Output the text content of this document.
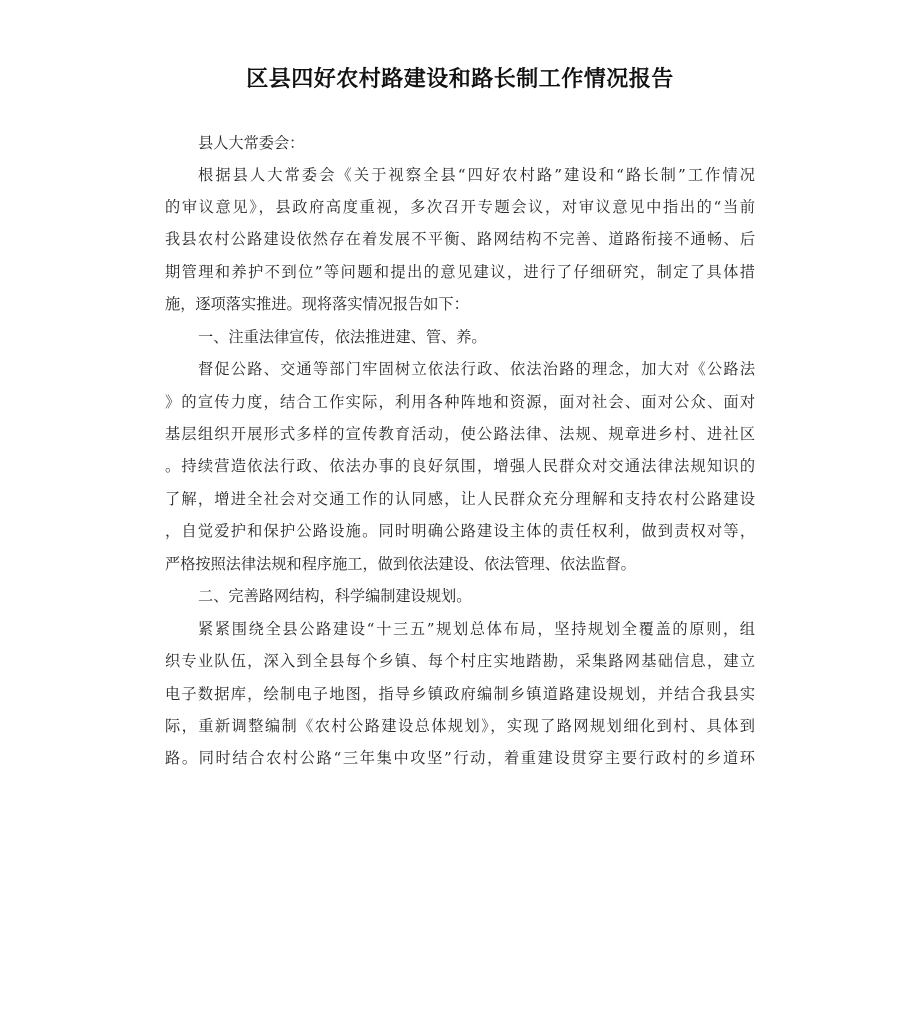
区县四好农村路建设和路长制工作情况报告
县人大常委会：
根据县人大常委会《关于视察全县“四好农村路”建设和“路长制”工作情况
的审议意见》，县政府高度重视，多次召开专题会议，对审议意见中指出的“当前
我县农村公路建设依然存在着发展不平衡、路网结构不完善、道路衔接不通畅、后
期管理和养护不到位”等问题和提出的意见建议，进行了仔细研究，制定了具体措
施，逐项落实推进。现将落实情况报告如下：
一、注重法律宣传，依法推进建、管、养。
督促公路、交通等部门牢固树立依法行政、依法治路的理念，加大对《公路法
》的宣传力度，结合工作实际，利用各种阵地和资源，面对社会、面对公众、面对
基层组织开展形式多样的宣传教育活动，使公路法律、法规、规章进乡村、进社区
。持续营造依法行政、依法办事的良好氛围，增强人民群众对交通法律法规知识的
了解，增进全社会对交通工作的认同感，让人民群众充分理解和支持农村公路建设
，自觉爱护和保护公路设施。同时明确公路建设主体的责任权利，做到责权对等，
严格按照法律法规和程序施工，做到依法建设、依法管理、依法监督。
二、完善路网结构，科学编制建设规划。
紧紧围绕全县公路建设“十三五”规划总体布局，坚持规划全覆盖的原则，组
织专业队伍，深入到全县每个乡镇、每个村庄实地踏勘，采集路网基础信息，建立
电子数据库，绘制电子地图，指导乡镇政府编制乡镇道路建设规划，并结合我县实
际，重新调整编制《农村公路建设总体规划》，实现了路网规划细化到村、具体到
路。同时结合农村公路“三年集中攻坚”行动，着重建设贯穿主要行政村的乡道环
